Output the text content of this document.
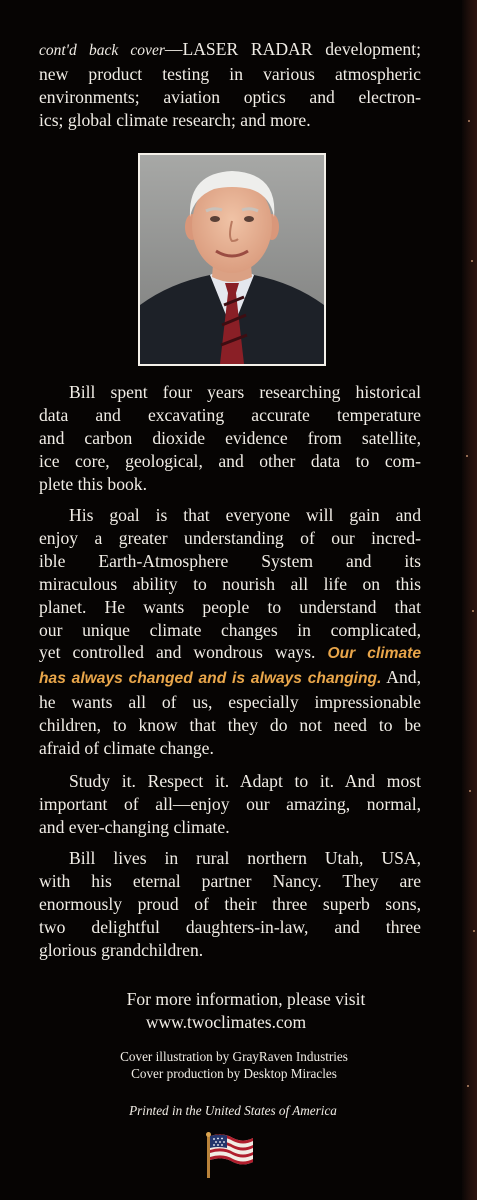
cont'd back cover—LASER RADAR development;
new product testing in various atmospheric
environments; aviation optics and electron-
ics; global climate research; and more.
Bill spent four years researching historical
data and excavating accurate temperature
and carbon dioxide evidence from satellite,
ice core, geological, and other data to com-
plete this book.
His goal is that everyone will gain and
enjoy a greater understanding of our incred-
ible Earth-Atmosphere System and its
miraculous ability to nourish all life on this
planet. He wants people to understand that
our unique climate changes in complicated,
yet controlled and wondrous ways. Our climate
has always changed and is always changing. And,
he wants all of us, especially impressionable
children, to know that they do not need to be
afraid of climate change.
Study it. Respect it. Adapt to it. And most
important of all—enjoy our amazing, normal,
and ever-changing climate.
Bill lives in rural northern Utah, USA,
with his eternal partner Nancy. They are
enormously proud of their three superb sons,
two delightful daughters-in-law, and three
glorious grandchildren.
For more information, please visit
www.twoclimates.com
Cover illustration by GrayRaven Industries
Cover production by Desktop Miracles
Printed in the United States of America
